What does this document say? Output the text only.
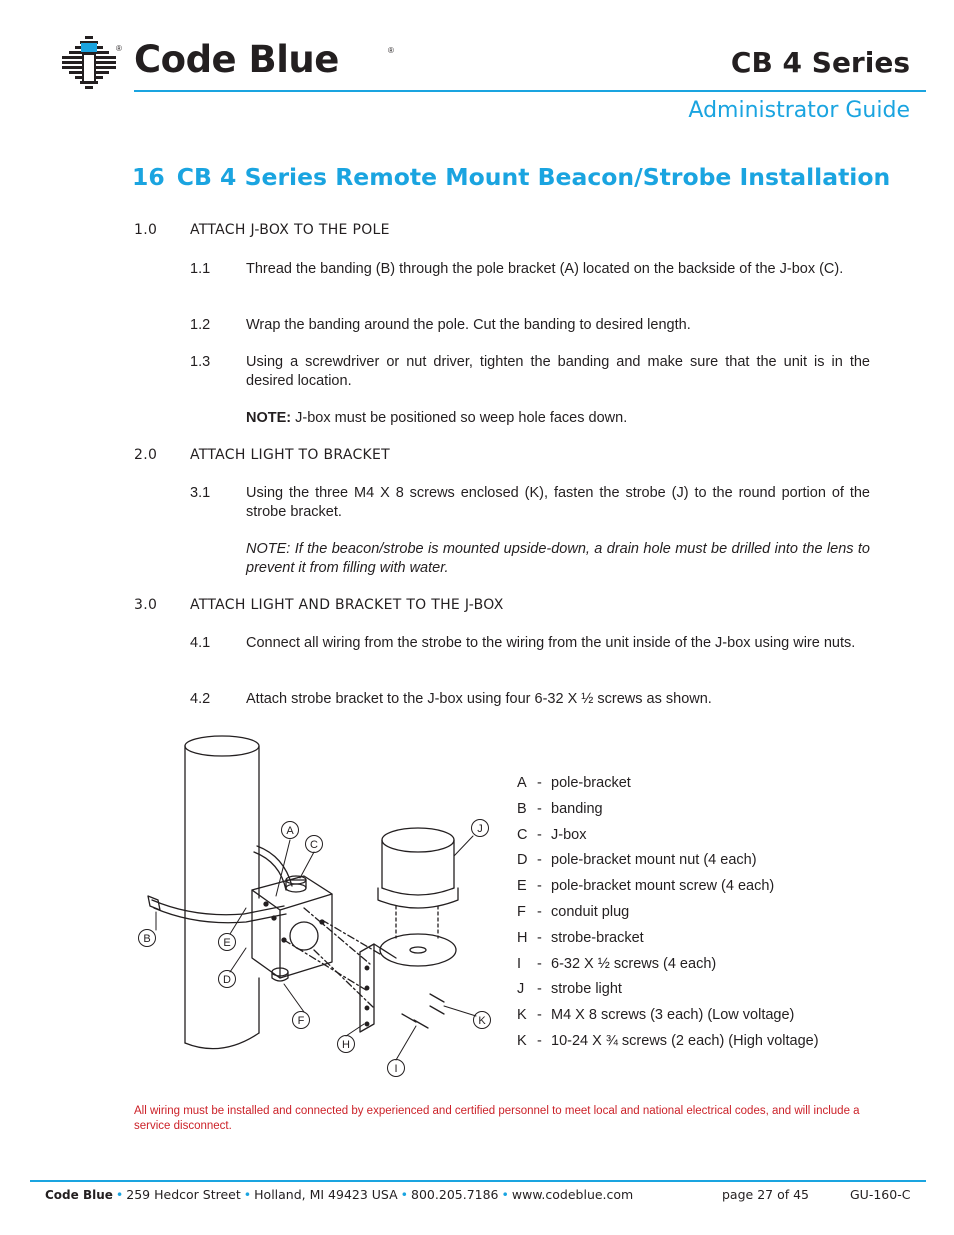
® Code Blue	®	CB 4 Series
Administrator Guide
16 CB 4 Series Remote Mount Beacon/Strobe Installation
1.0 ATTACH J-BOX TO THE POLE
1.1 Thread the banding (B) through the pole bracket (A) located on the backside of the J-box (C).
1.2 Wrap the banding around the pole. Cut the banding to desired length.
1.3 Using a screwdriver or nut driver, tighten the banding and make sure that the unit is in the desired location.
NOTE: J-box must be positioned so weep hole faces down.
2.0 ATTACH LIGHT TO BRACKET
3.1 Using the three M4 X 8 screws enclosed (K), fasten the strobe (J) to the round portion of the strobe bracket.
NOTE: If the beacon/strobe is mounted upside-down, a drain hole must be drilled into the lens to prevent it from filling with water.
3.0 ATTACH LIGHT AND BRACKET TO THE J-BOX
4.1 Connect all wiring from the strobe to the wiring from the unit inside of the J-box using wire nuts.
4.2 Attach strobe bracket to the J-box using four 6-32 X ½ screws as shown.
A
B
C
D
E
F
H
I
J
K
A - pole-bracket
B - banding
C - J-box
D - pole-bracket mount nut (4 each)
E - pole-bracket mount screw (4 each)
F - conduit plug
H - strobe-bracket
I - 6-32 X ½ screws (4 each)
J - strobe light
K - M4 X 8 screws (3 each) (Low voltage)
K - 10-24 X ¾ screws (2 each) (High voltage)
All wiring must be installed and connected by experienced and certified personnel to meet local and national electrical codes, and will include a service disconnect.
Code Blue • 259 Hedcor Street • Holland, MI 49423 USA • 800.205.7186 • www.codeblue.com	page 27 of 45	GU-160-C
